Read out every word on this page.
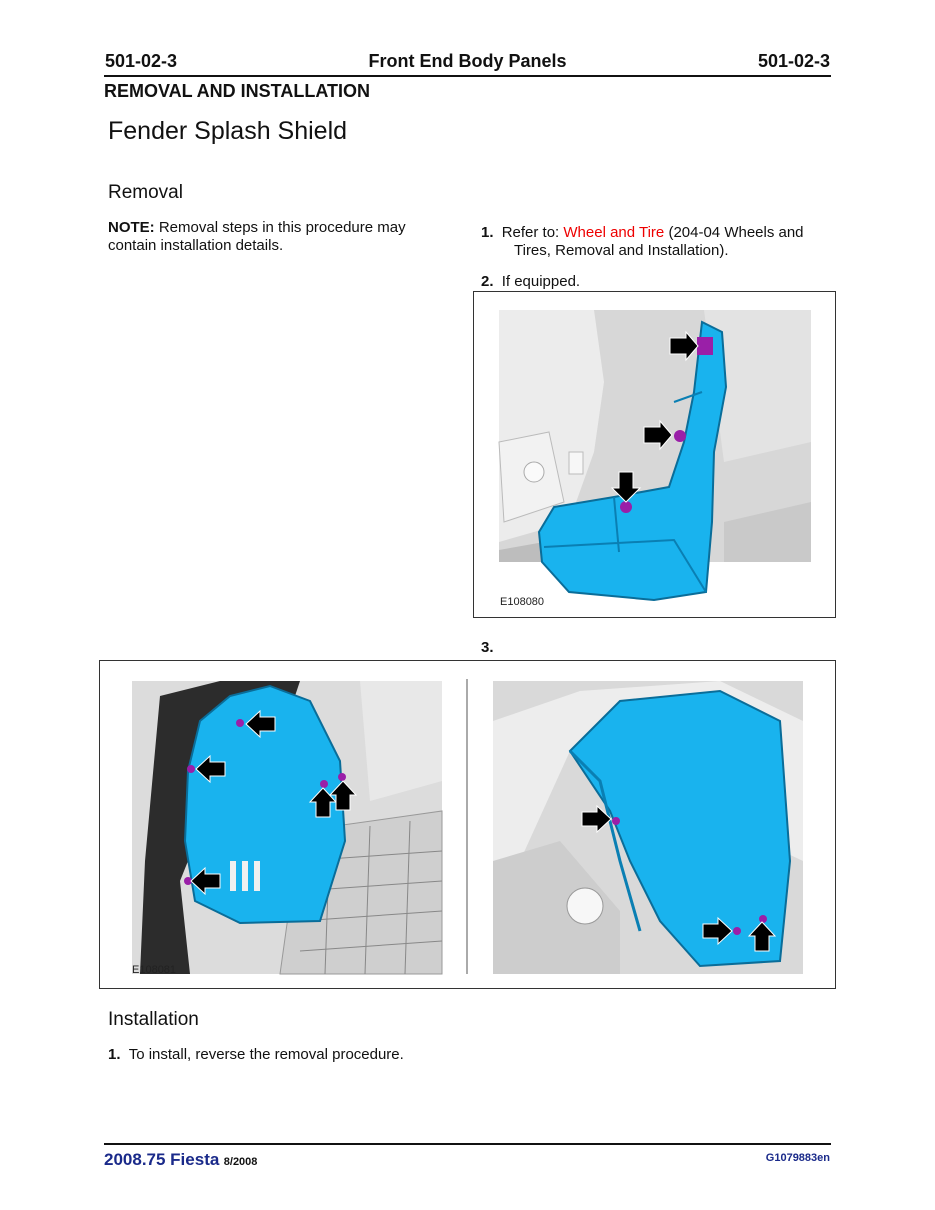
501-02-3	Front End Body Panels	501-02-3
REMOVAL AND INSTALLATION
Fender Splash Shield
Removal
NOTE: Removal steps in this procedure may contain installation details.
1. Refer to: Wheel and Tire (204-04 Wheels and
Tires, Removal and Installation).
2. If equipped.
E108080
3.
E108081
Installation
1. To install, reverse the removal procedure.
2008.75 Fiesta 8/2008	G1079883en
